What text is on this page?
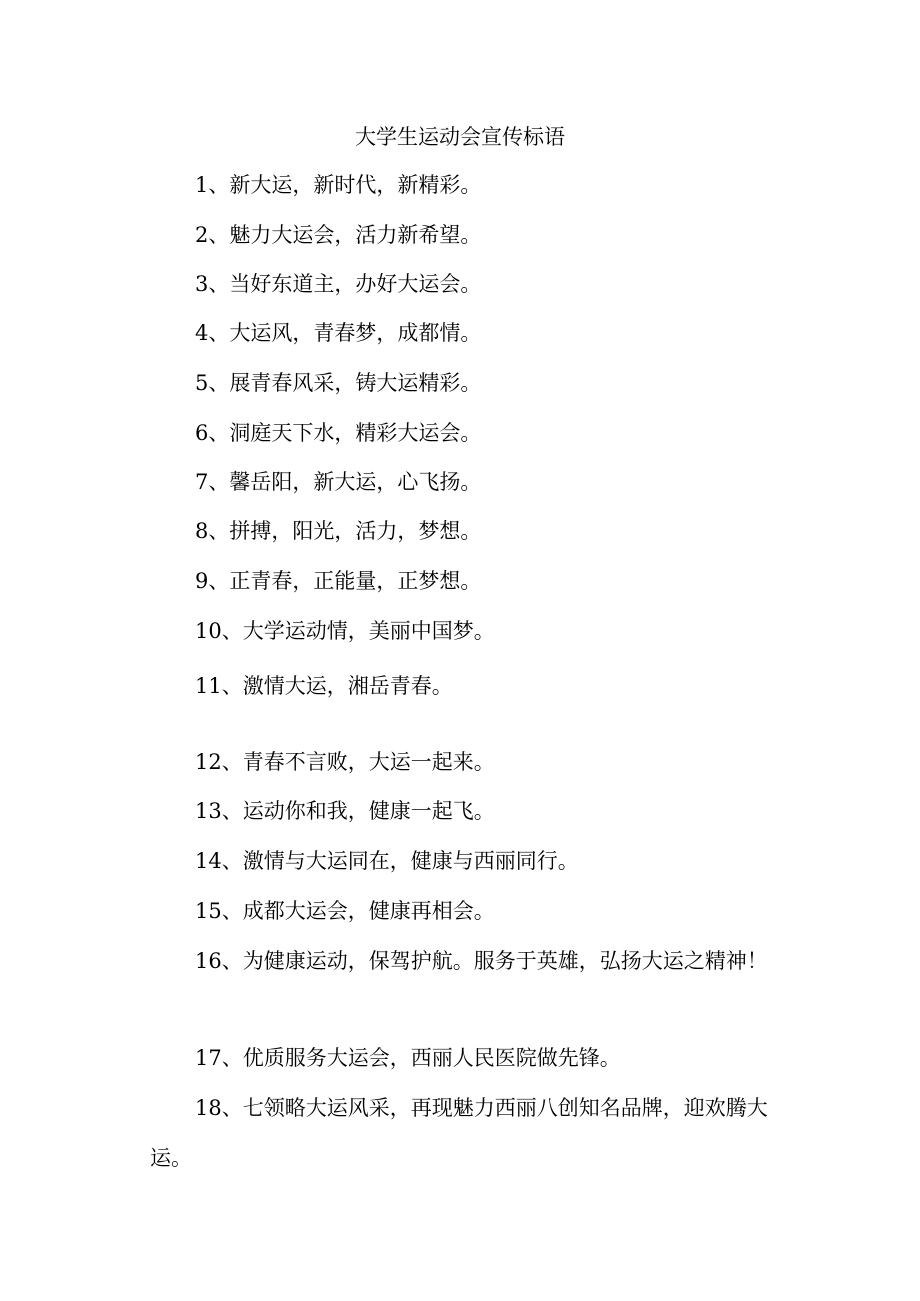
大学生运动会宣传标语
1、新大运，新时代，新精彩。
2、魅力大运会，活力新希望。
3、当好东道主，办好大运会。
4、大运风，青春梦，成都情。
5、展青春风采，铸大运精彩。
6、洞庭天下水，精彩大运会。
7、馨岳阳，新大运，心飞扬。
8、拼搏，阳光，活力，梦想。
9、正青春，正能量，正梦想。
10、大学运动情，美丽中国梦。
11、激情大运，湘岳青春。
12、青春不言败，大运一起来。
13、运动你和我，健康一起飞。
14、激情与大运同在，健康与西丽同行。
15、成都大运会，健康再相会。
16、为健康运动，保驾护航。服务于英雄，弘扬大运之精神！
17、优质服务大运会，西丽人民医院做先锋。
18、七领略大运风采，再现魅力西丽八创知名品牌，迎欢腾大运。
